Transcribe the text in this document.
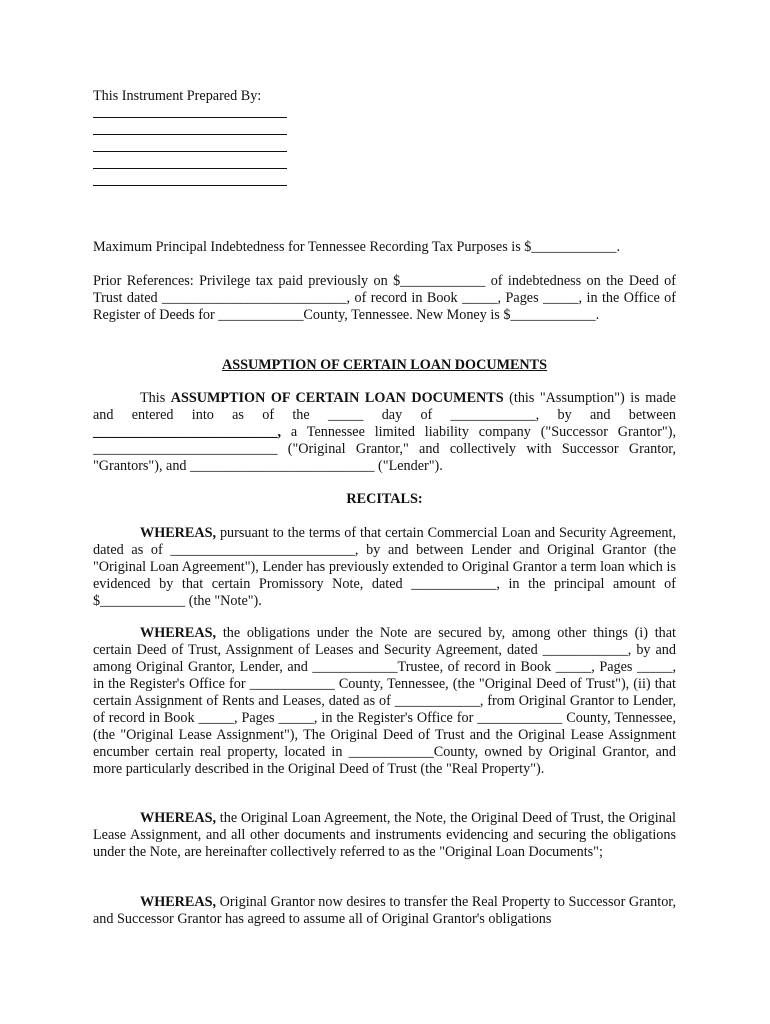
This Instrument Prepared By:

Maximum Principal Indebtedness for Tennessee Recording Tax Purposes is $____________.

Prior References: Privilege tax paid previously on $____________ of indebtedness on the Deed of Trust dated __________________________, of record in Book _____, Pages _____, in the Office of Register of Deeds for ____________County, Tennessee. New Money is $____________.

ASSUMPTION OF CERTAIN LOAN DOCUMENTS

This ASSUMPTION OF CERTAIN LOAN DOCUMENTS (this "Assumption") is made and entered into as of the _____ day of ____________, by and between __________________________, a Tennessee limited liability company ("Successor Grantor"), __________________________ ("Original Grantor," and collectively with Successor Grantor, "Grantors"), and __________________________ ("Lender").

RECITALS:

WHEREAS, pursuant to the terms of that certain Commercial Loan and Security Agreement, dated as of __________________________, by and between Lender and Original Grantor (the "Original Loan Agreement"), Lender has previously extended to Original Grantor a term loan which is evidenced by that certain Promissory Note, dated ____________, in the principal amount of $____________ (the "Note").

WHEREAS, the obligations under the Note are secured by, among other things (i) that certain Deed of Trust, Assignment of Leases and Security Agreement, dated ____________, by and among Original Grantor, Lender, and ____________Trustee, of record in Book _____, Pages _____, in the Register's Office for ____________ County, Tennessee, (the "Original Deed of Trust"), (ii) that certain Assignment of Rents and Leases, dated as of ____________, from Original Grantor to Lender, of record in Book _____, Pages _____, in the Register's Office for ____________ County, Tennessee, (the "Original Lease Assignment"), The Original Deed of Trust and the Original Lease Assignment encumber certain real property, located in ____________County, owned by Original Grantor, and more particularly described in the Original Deed of Trust (the "Real Property").

WHEREAS, the Original Loan Agreement, the Note, the Original Deed of Trust, the Original Lease Assignment, and all other documents and instruments evidencing and securing the obligations under the Note, are hereinafter collectively referred to as the "Original Loan Documents";

WHEREAS, Original Grantor now desires to transfer the Real Property to Successor Grantor, and Successor Grantor has agreed to assume all of Original Grantor's obligations
